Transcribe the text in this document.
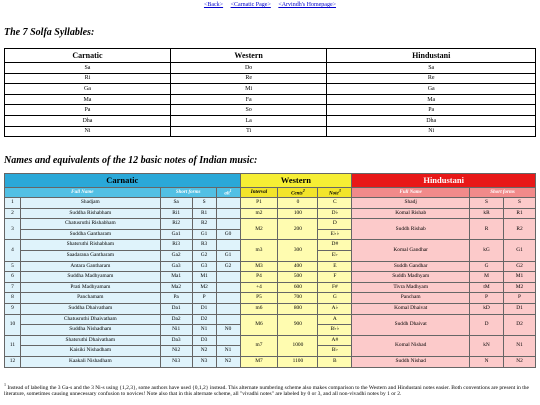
<Back> <Carnatic Page> <Arvindh's Homepage>
The 7 Solfa Syllables:
Carnatic	Western	Hindustani
Sa	Do	Sa
Ri	Re	Re
Ga	Mi	Ga
Ma	Fa	Ma
Pa	So	Pa
Dha	La	Dha
Ni	Ti	Ni
Names and equivalents of the 12 basic notes of Indian music:
Carnatic					Western			Hindustani		
Full Name		Short forms		alt$^1$	Interval	Cents$^2$	Note$^3$	Full Name	Short forms	
1	Shadjam	Sa	S		P1	0	C	Shadj	S	S
2	Suddha Rishabham	Ri1	R1		m2	100	D♭	Komal Rishab	kR	R1
3	Chatusruthi Rishabham	Ri2	R2		M2	200	D	Suddh Rishab	R	R2
	Suddha Gantharam	Ga1	G1	G0			E♭♭			
4	Shatsruthi Rishabham	Ri3	R3		m3	300	D#	Komal Gandhar	kG	G1
	Saadarana Gantharam	Ga2	G2	G1			E♭			
5	Antara Gantharam	Ga3	G3	G2	M3	400	E	Suddh Gandhar	G	G2
6	Suddha Madhyamam	Ma1	M1		P4	500	F	Suddh Madhyam	M	M1
7	Prati Madhyamam	Ma2	M2		+4	600	F#	Tivra Madhyam	tM	M2
8	Panchamam	Pa	P		P5	700	G	Pancham	P	P
9	Suddha Dhaivatham	Da1	D1		m6	800	A♭	Komal Dhaivat	kD	D1
10	Chatusruthi Dhaivatham	Da2	D2		M6	900	A	Suddh Dhaivat	D	D2
	Suddha Nishadham	Ni1	N1	N0			B♭♭			
11	Shatsruthi Dhaivatham	Da3	D3		m7	1000	A#	Komal Nishad	kN	N1
	Kaisiki Nishadham	Ni2	N2	N1			B♭			
12	Kaakali Nishadham	Ni3	N3	N2	M7	1100	B	Suddh Nishad	N	N2
$^1$ Instead of labeling the 3 Ga-s and the 3 Ni-s using {1,2,3}, some authors have used {0,1,2} instead. This alternate numbering scheme also makes comparison to the Western and Hindustani notes easier. Both conventions are present in the literature, sometimes causing unnecessary confusion to novices! Note also that in this alternate scheme, all "vivadhi notes" are labeled by 0 or 3, and all non-vivadhi notes by 1 or 2.
